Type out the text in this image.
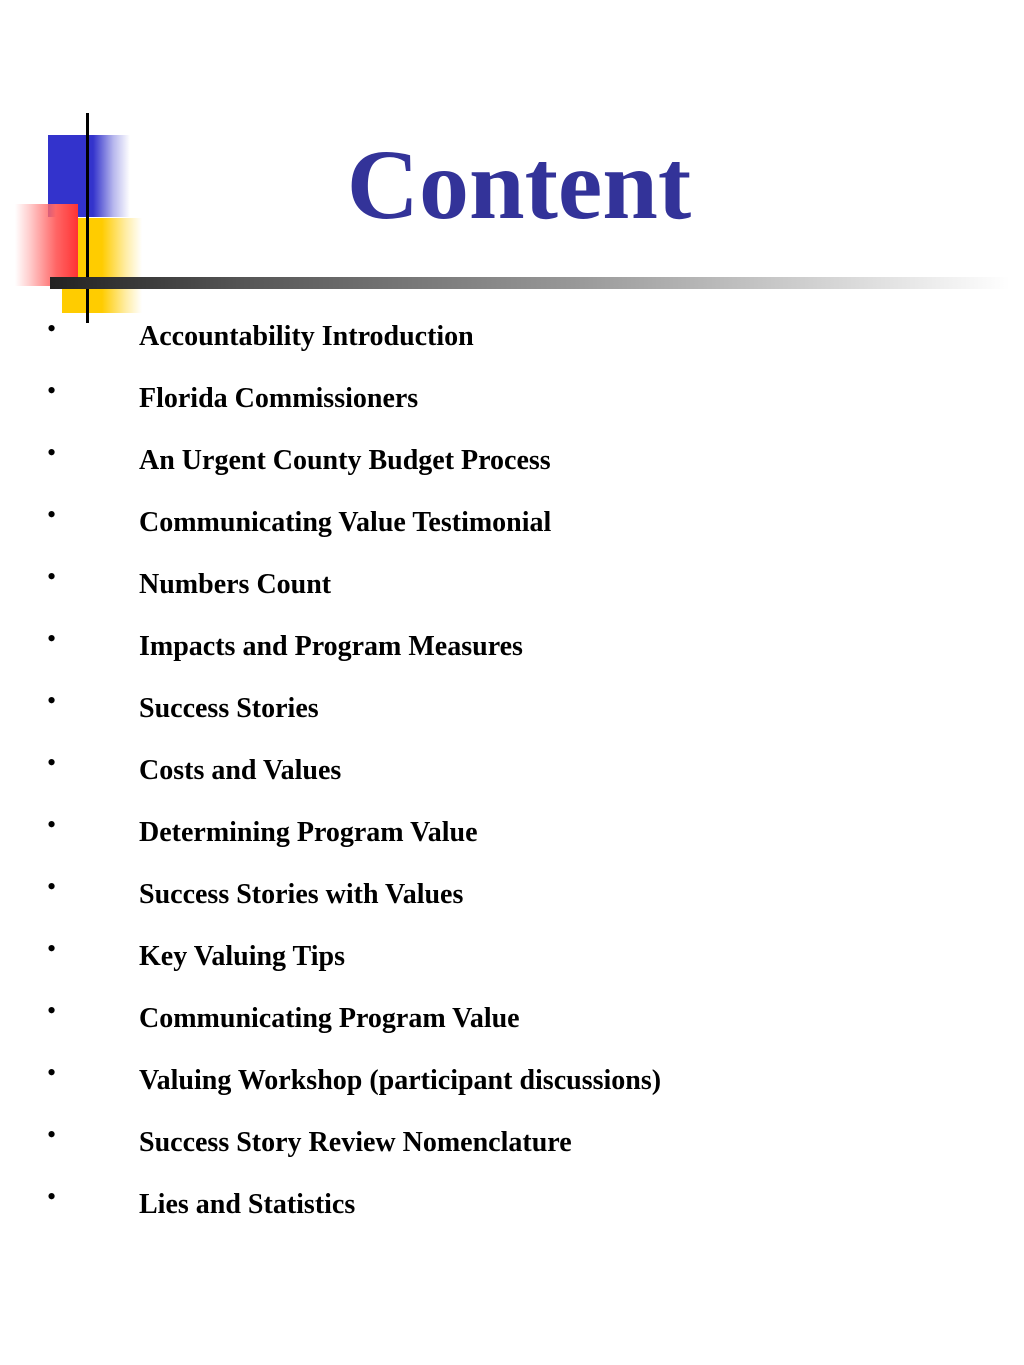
Content
•	Accountability Introduction
•	Florida Commissioners
•	An Urgent County Budget Process
•	Communicating Value Testimonial
•	Numbers Count
•	Impacts and Program Measures
•	Success Stories
•	Costs and Values
•	Determining Program Value
•	Success Stories with Values
•	Key Valuing Tips
•	Communicating Program Value
•	Valuing Workshop (participant discussions)
•	Success Story Review Nomenclature
•	Lies and Statistics
